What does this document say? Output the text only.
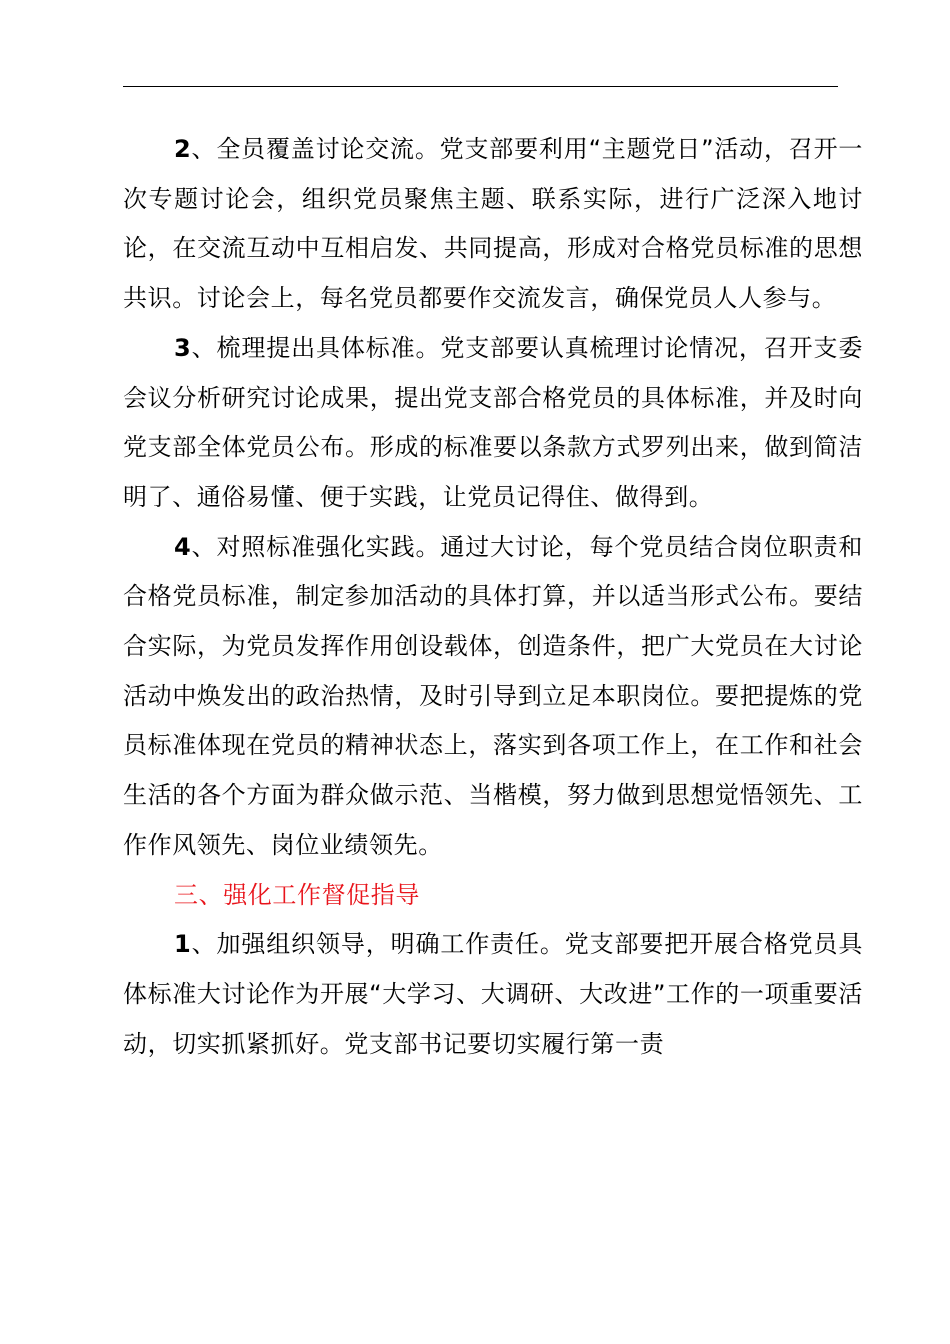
2、全员覆盖讨论交流。党支部要利用“主题党日”活动，召开一次专题讨论会，组织党员聚焦主题、联系实际，进行广泛深入地讨论，在交流互动中互相启发、共同提高，形成对合格党员标准的思想共识。讨论会上，每名党员都要作交流发言，确保党员人人参与。

3、梳理提出具体标准。党支部要认真梳理讨论情况，召开支委会议分析研究讨论成果，提出党支部合格党员的具体标准，并及时向党支部全体党员公布。形成的标准要以条款方式罗列出来，做到简洁明了、通俗易懂、便于实践，让党员记得住、做得到。

4、对照标准强化实践。通过大讨论，每个党员结合岗位职责和合格党员标准，制定参加活动的具体打算，并以适当形式公布。要结合实际，为党员发挥作用创设载体，创造条件，把广大党员在大讨论活动中焕发出的政治热情，及时引导到立足本职岗位。要把提炼的党员标准体现在党员的精神状态上，落实到各项工作上，在工作和社会生活的各个方面为群众做示范、当楷模，努力做到思想觉悟领先、工作作风领先、岗位业绩领先。

三、强化工作督促指导

1、加强组织领导，明确工作责任。党支部要把开展合格党员具体标准大讨论作为开展“大学习、大调研、大改进”工作的一项重要活动，切实抓紧抓好。党支部书记要切实履行第一责
